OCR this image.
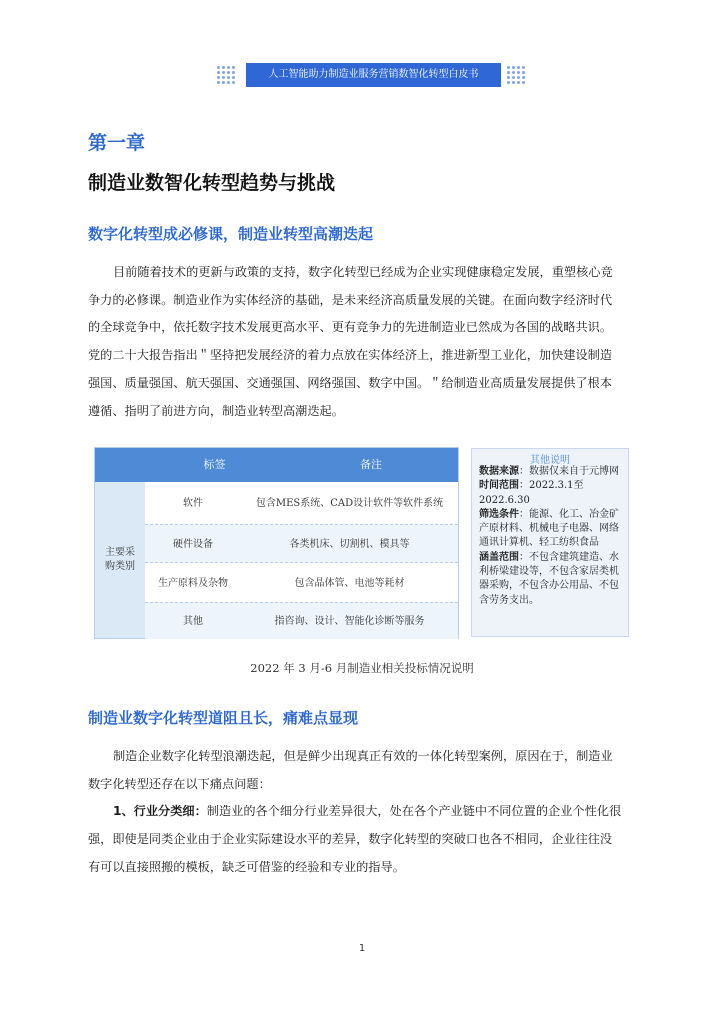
人工智能助力制造业服务营销数智化转型白皮书
第一章
制造业数智化转型趋势与挑战
数字化转型成必修课，制造业转型高潮迭起
目前随着技术的更新与政策的支持，数字化转型已经成为企业实现健康稳定发展，重塑核心竞
争力的必修课。制造业作为实体经济的基础，是未来经济高质量发展的关键。在面向数字经济时代
的全球竞争中，依托数字技术发展更高水平、更有竞争力的先进制造业已然成为各国的战略共识。
党的二十大报告指出＂坚持把发展经济的着力点放在实体经济上，推进新型工业化，加快建设制造
强国、质量强国、航天强国、交通强国、网络强国、数字中国。＂给制造业高质量发展提供了根本
遵循、指明了前进方向，制造业转型高潮迭起。
标签	备注
主要采购类别
软件	包含MES系统、CAD设计软件等软件系统
硬件设备	各类机床、切割机、模具等
生产原料及杂物	包含晶体管、电池等耗材
其他	指咨询、设计、智能化诊断等服务
其他说明
数据来源：数据仅来自于元博网
时间范围：2022.3.1至2022.6.30
筛选条件：能源、化工、冶金矿产原材料、机械电子电器、网络通讯计算机、轻工纺织食品
涵盖范围：不包含建筑建造、水利桥梁建设等，不包含家居类机器采购，不包含办公用品、不包含劳务支出。
2022 年 3 月-6 月制造业相关投标情况说明
制造业数字化转型道阻且长，痛难点显现
制造企业数字化转型浪潮迭起，但是鲜少出现真正有效的一体化转型案例，原因在于，制造业
数字化转型还存在以下痛点问题：
1、行业分类细：制造业的各个细分行业差异很大，处在各个产业链中不同位置的企业个性化很
强，即使是同类企业由于企业实际建设水平的差异，数字化转型的突破口也各不相同，企业往往没
有可以直接照搬的模板，缺乏可借鉴的经验和专业的指导。
1
